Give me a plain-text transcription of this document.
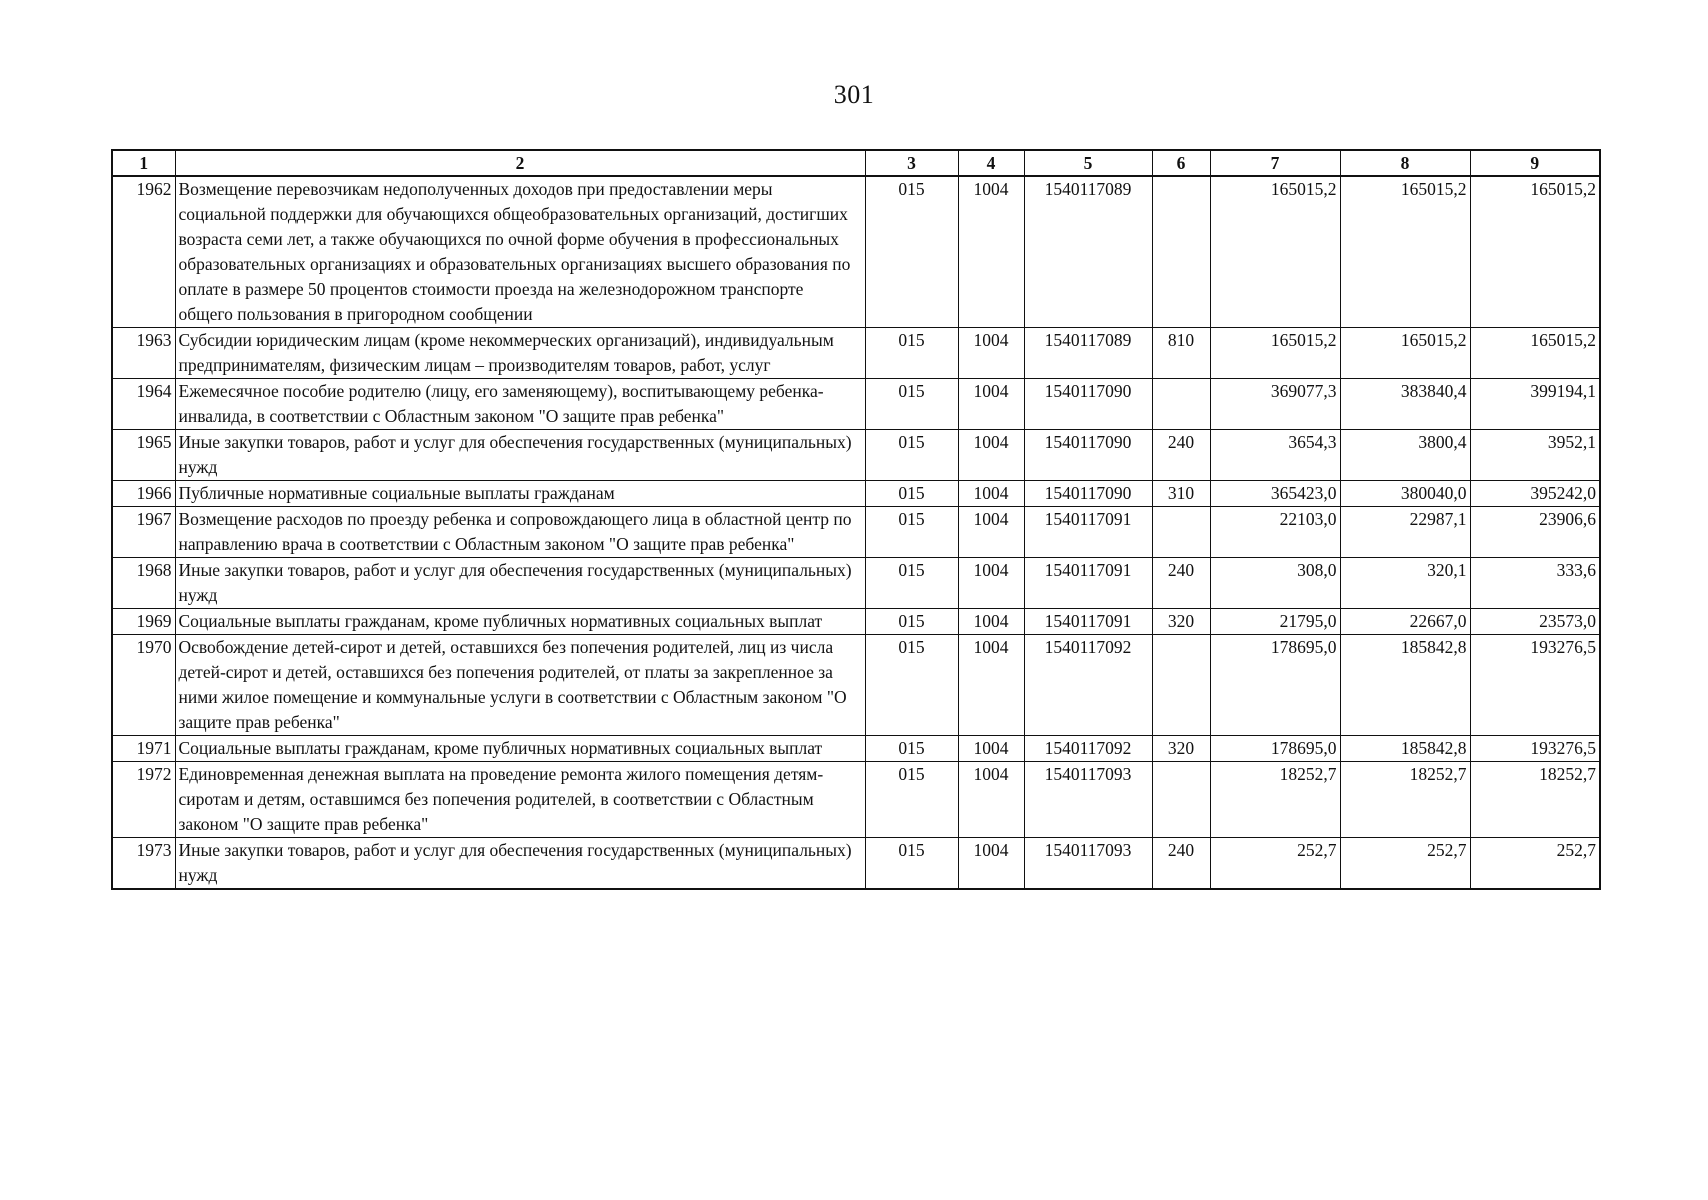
301
1	2	3	4	5	6	7	8	9
1962	Возмещение перевозчикам недополученных доходов при предоставлении меры социальной поддержки для обучающихся общеобразовательных организаций, достигших возраста семи лет, а также обучающихся по очной форме обучения в профессиональных образовательных организациях и образовательных организациях высшего образования по оплате в размере 50 процентов стоимости проезда на железнодорожном транспорте общего пользования в пригородном сообщении	015	1004	1540117089		165015,2	165015,2	165015,2
1963	Субсидии юридическим лицам (кроме некоммерческих организаций), индивидуальным предпринимателям, физическим лицам – производителям товаров, работ, услуг	015	1004	1540117089	810	165015,2	165015,2	165015,2
1964	Ежемесячное пособие родителю (лицу, его заменяющему), воспитывающему ребенка-инвалида, в соответствии с Областным законом "О защите прав ребенка"	015	1004	1540117090		369077,3	383840,4	399194,1
1965	Иные закупки товаров, работ и услуг для обеспечения государственных (муниципальных) нужд	015	1004	1540117090	240	3654,3	3800,4	3952,1
1966	Публичные нормативные социальные выплаты гражданам	015	1004	1540117090	310	365423,0	380040,0	395242,0
1967	Возмещение расходов по проезду ребенка и сопровождающего лица в областной центр по направлению врача в соответствии с Областным законом "О защите прав ребенка"	015	1004	1540117091		22103,0	22987,1	23906,6
1968	Иные закупки товаров, работ и услуг для обеспечения государственных (муниципальных) нужд	015	1004	1540117091	240	308,0	320,1	333,6
1969	Социальные выплаты гражданам, кроме публичных нормативных социальных выплат	015	1004	1540117091	320	21795,0	22667,0	23573,0
1970	Освобождение детей-сирот и детей, оставшихся без попечения родителей, лиц из числа детей-сирот и детей, оставшихся без попечения родителей, от платы за закрепленное за ними жилое помещение и коммунальные услуги в соответствии с Областным законом "О защите прав ребенка"	015	1004	1540117092		178695,0	185842,8	193276,5
1971	Социальные выплаты гражданам, кроме публичных нормативных социальных выплат	015	1004	1540117092	320	178695,0	185842,8	193276,5
1972	Единовременная денежная выплата на проведение ремонта жилого помещения детям-сиротам и детям, оставшимся без попечения родителей, в соответствии с Областным законом "О защите прав ребенка"	015	1004	1540117093		18252,7	18252,7	18252,7
1973	Иные закупки товаров, работ и услуг для обеспечения государственных (муниципальных) нужд	015	1004	1540117093	240	252,7	252,7	252,7
